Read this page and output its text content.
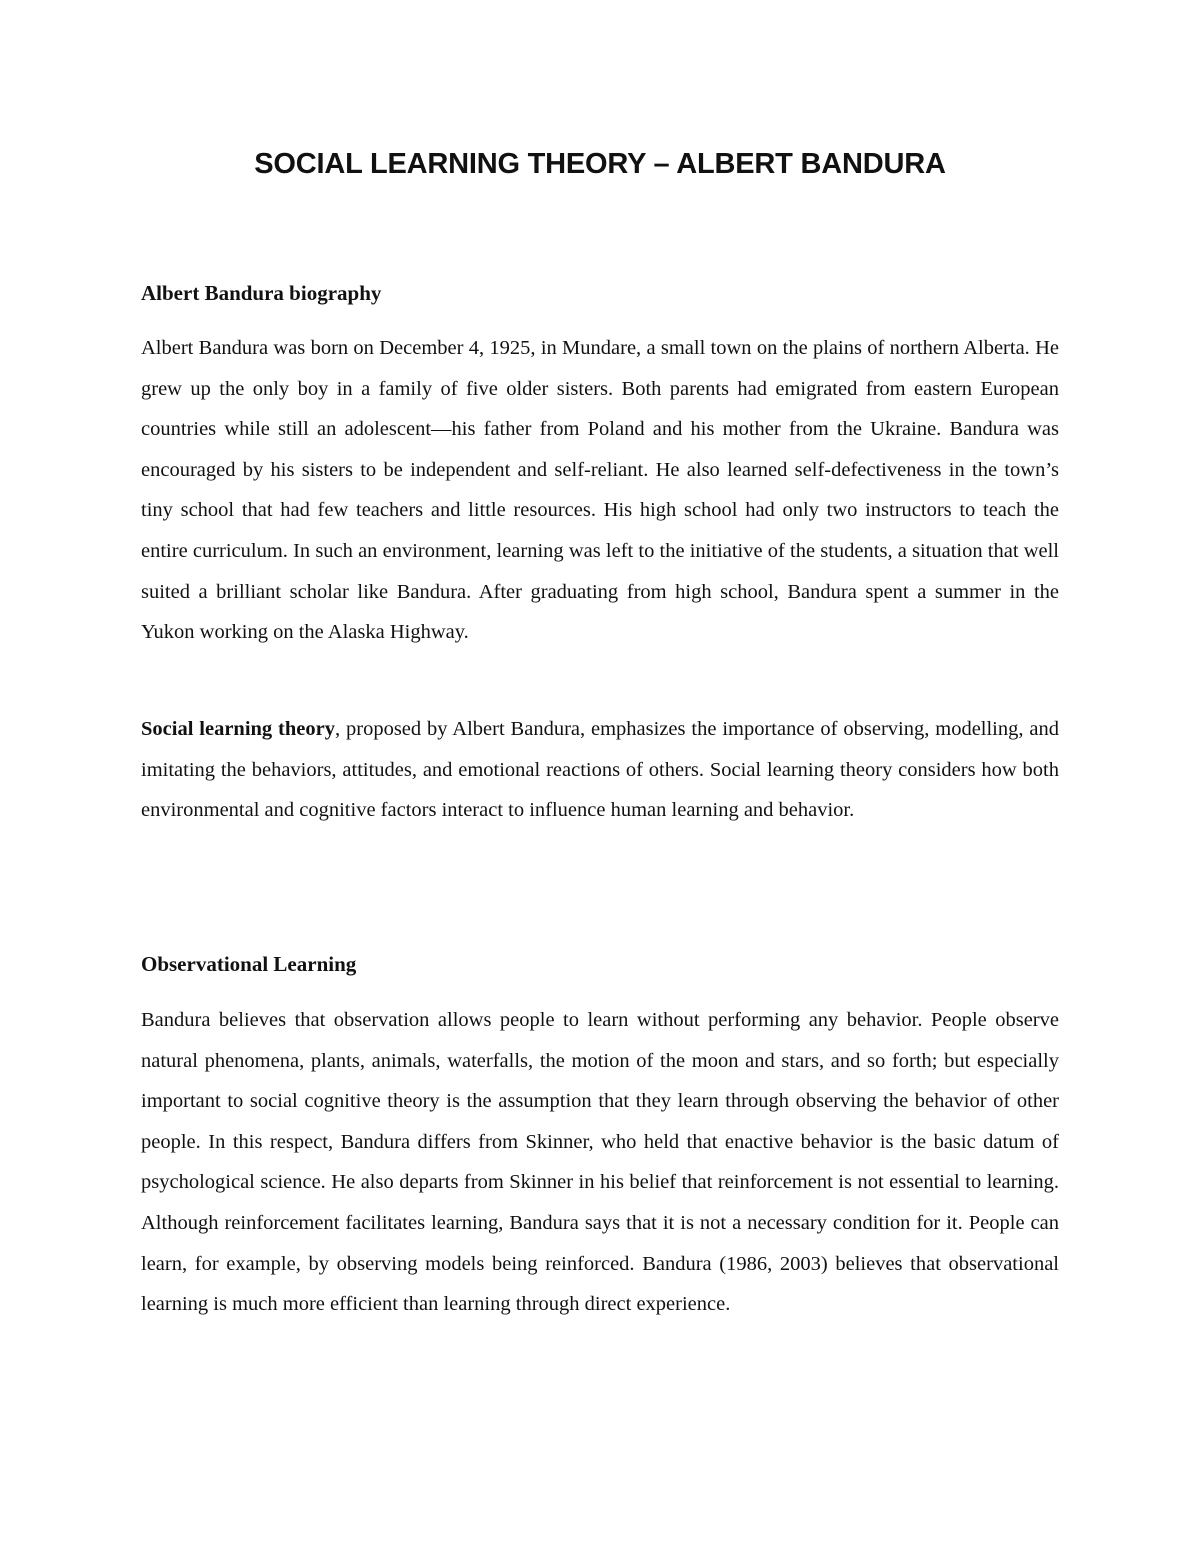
SOCIAL LEARNING THEORY – ALBERT BANDURA
Albert Bandura biography

Albert Bandura was born on December 4, 1925, in Mundare, a small town on the plains of northern Alberta. He grew up the only boy in a family of five older sisters. Both parents had emigrated from eastern European countries while still an adolescent—his father from Poland and his mother from the Ukraine. Bandura was encouraged by his sisters to be independent and self-reliant. He also learned self-defectiveness in the town’s tiny school that had few teachers and little resources. His high school had only two instructors to teach the entire curriculum. In such an environment, learning was left to the initiative of the students, a situation that well suited a brilliant scholar like Bandura. After graduating from high school, Bandura spent a summer in the Yukon working on the Alaska Highway.

Social learning theory, proposed by Albert Bandura, emphasizes the importance of observing, modelling, and imitating the behaviors, attitudes, and emotional reactions of others. Social learning theory considers how both environmental and cognitive factors interact to influence human learning and behavior.

Observational Learning

Bandura believes that observation allows people to learn without performing any behavior. People observe natural phenomena, plants, animals, waterfalls, the motion of the moon and stars, and so forth; but especially important to social cognitive theory is the assumption that they learn through observing the behavior of other people. In this respect, Bandura differs from Skinner, who held that enactive behavior is the basic datum of psychological science. He also departs from Skinner in his belief that reinforcement is not essential to learning. Although reinforcement facilitates learning, Bandura says that it is not a necessary condition for it. People can learn, for example, by observing models being reinforced. Bandura (1986, 2003) believes that observational learning is much more efficient than learning through direct experience.
